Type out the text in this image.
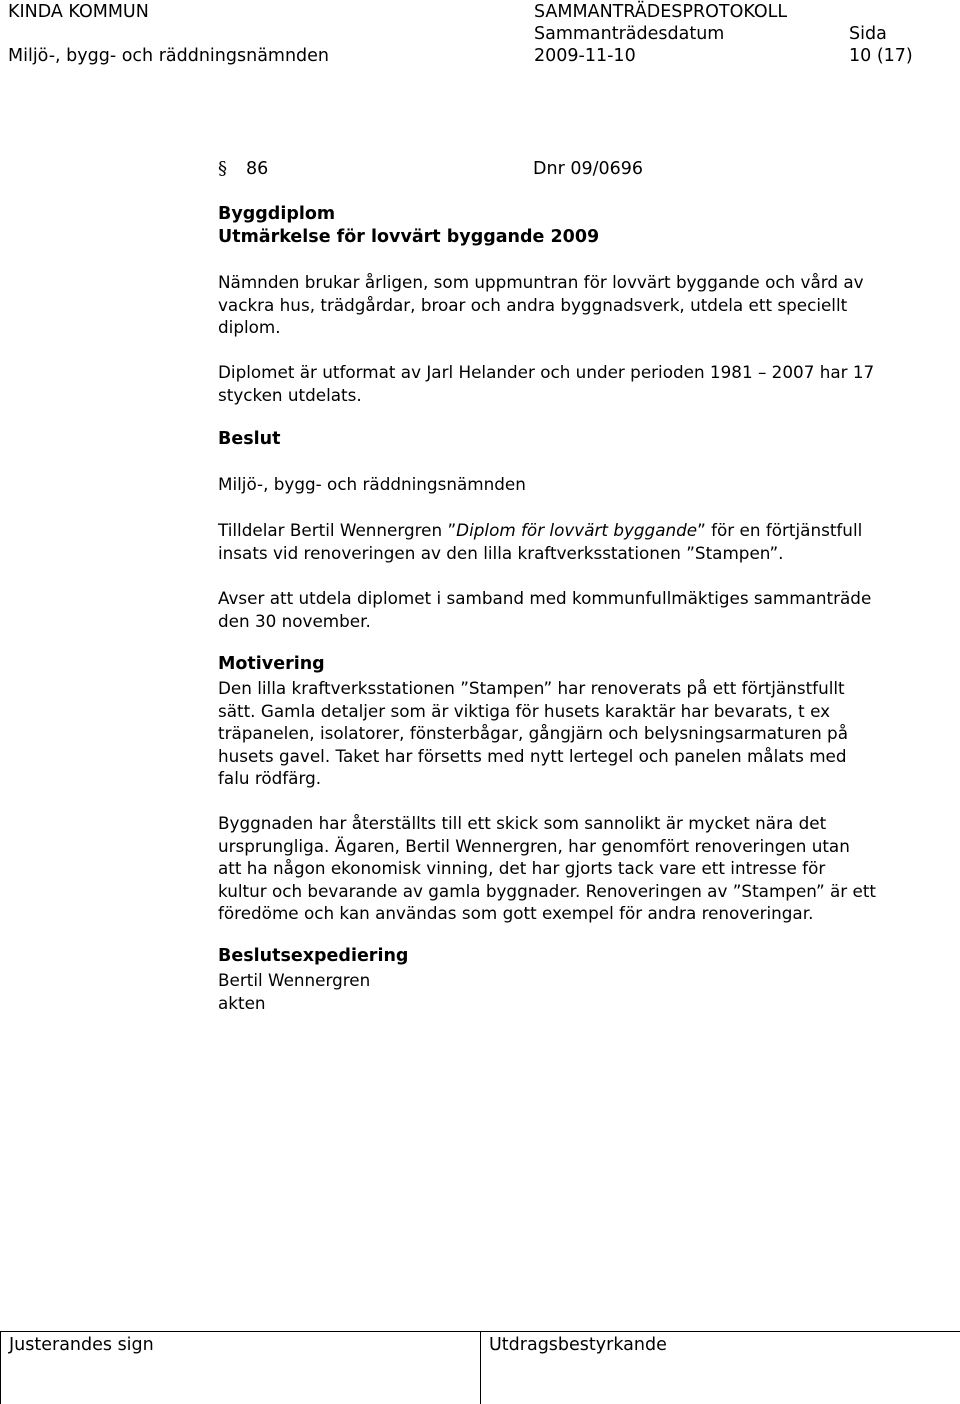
KINDA KOMMUN
Miljö-, bygg- och räddningsnämnden
SAMMANTRÄDESPROTOKOLL
Sammanträdesdatum
2009-11-10
Sida
10 (17)
§ 86	Dnr 09/0696
Byggdiplom
Utmärkelse för lovvärt byggande 2009
Nämnden brukar årligen, som uppmuntran för lovvärt byggande och vård av
vackra hus, trädgårdar, broar och andra byggnadsverk, utdela ett speciellt
diplom.
Diplomet är utformat av Jarl Helander och under perioden 1981 – 2007 har 17
stycken utdelats.
Beslut
Miljö-, bygg- och räddningsnämnden
Tilldelar Bertil Wennergren ”Diplom för lovvärt byggande” för en förtjänstfull
insats vid renoveringen av den lilla kraftverksstationen ”Stampen”.
Avser att utdela diplomet i samband med kommunfullmäktiges sammanträde
den 30 november.
Motivering
Den lilla kraftverksstationen ”Stampen” har renoverats på ett förtjänstfullt
sätt. Gamla detaljer som är viktiga för husets karaktär har bevarats, t ex
träpanelen, isolatorer, fönsterbågar, gångjärn och belysningsarmaturen på
husets gavel. Taket har försetts med nytt lertegel och panelen målats med
falu rödfärg.
Byggnaden har återställts till ett skick som sannolikt är mycket nära det
ursprungliga. Ägaren, Bertil Wennergren, har genomfört renoveringen utan
att ha någon ekonomisk vinning, det har gjorts tack vare ett intresse för
kultur och bevarande av gamla byggnader. Renoveringen av ”Stampen” är ett
föredöme och kan användas som gott exempel för andra renoveringar.
Beslutsexpediering
Bertil Wennergren
akten
Justerandes sign	Utdragsbestyrkande
